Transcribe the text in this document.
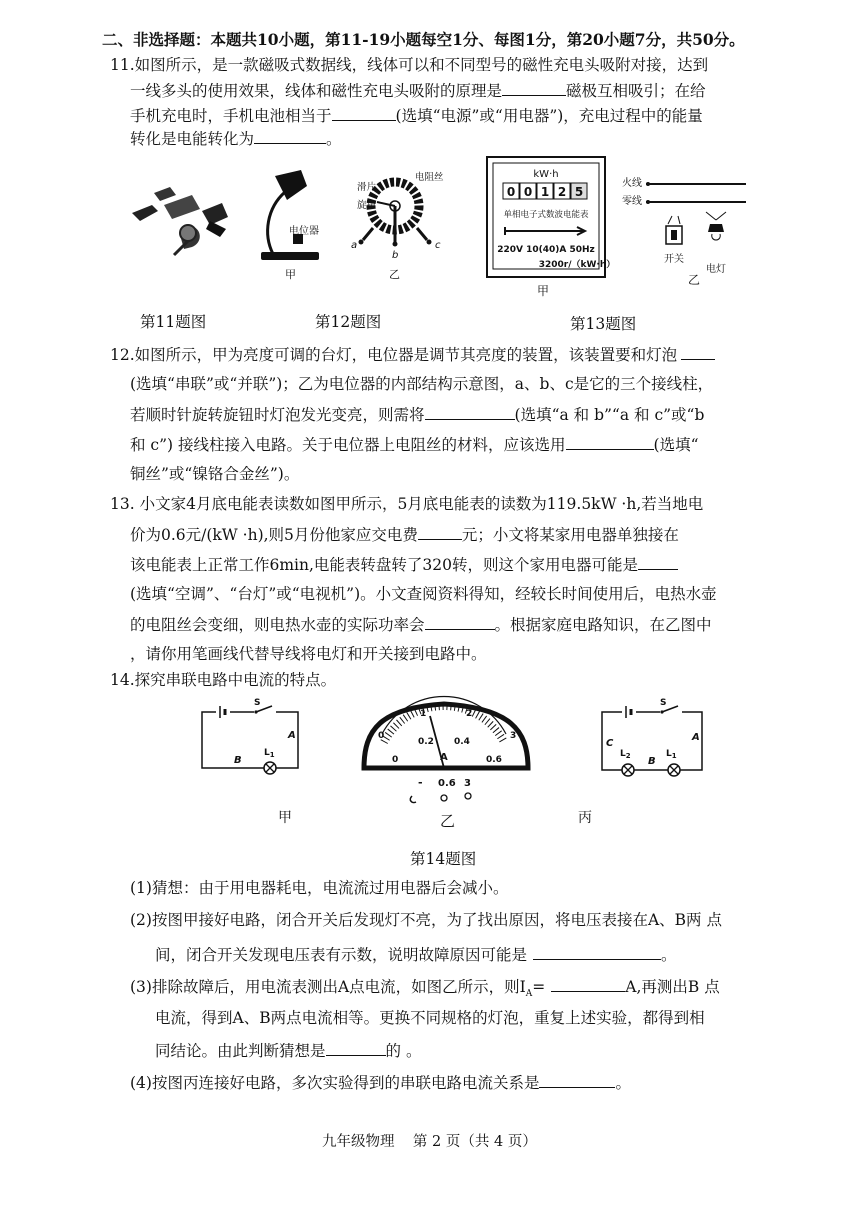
二、非选择题：本题共10小题，第11-19小题每空1分、每图1分，第20小题7分，共50分。
11.如图所示，是一款磁吸式数据线，线体可以和不同型号的磁性充电头吸附对接，达到
一线多头的使用效果，线体和磁性充电头吸附的原理是	磁极互相吸引；在给
手机充电时，手机电池相当于	(选填“电源”或“用电器”)，充电过程中的能量
转化是电能转化为	。
电位器
甲
滑片
旋钮
电阻丝
a
b
c
乙
kW·h
0 0 1 2 5
单相电子式数波电能表
220V 10(40)A 50Hz
3200r/（kW·h）
甲
火线
零线
开关
电灯
乙
第11题图	第12题图	第13题图
12.如图所示，甲为亮度可调的台灯，电位器是调节其亮度的装置，该装置要和灯泡
(选填“串联”或“并联”)；乙为电位器的内部结构示意图，a、b、c是它的三个接线柱，
若顺时针旋转旋钮时灯泡发光变亮，则需将	(选填“a 和 b”“a 和 c”或“b
和 c”) 接线柱接入电路。关于电位器上电阻丝的材料，应该选用	(选填“
铜丝”或“镍铬合金丝”)。
13. 小文家4月底电能表读数如图甲所示，5月底电能表的读数为119.5kW ·h,若当地电
价为0.6元/(kW ·h),则5月份他家应交电费	元；小文将某家用电器单独接在
该电能表上正常工作6min,电能表转盘转了320转，则这个家用电器可能是
(选填“空调”、“台灯”或“电视机”)。小文查阅资料得知，经较长时间使用后，电热水壶
的电阻丝会变细，则电热水壶的实际功率会	。根据家庭电路知识，在乙图中
，请你用笔画线代替导线将电灯和开关接到电路中。
14.探究串联电路中电流的特点。
S
A
B
$L_1$
甲
0
1	2
3
0
0.2 0.4
0.6
A
- 0.6 3
乙
S
A
C
B
$L_2$	$L_1$
丙
第14题图
(1)猜想：由于用电器耗电，电流流过用电器后会减小。
(2)按图甲接好电路，闭合开关后发现灯不亮，为了找出原因，将电压表接在A、B两 点
间，闭合开关发现电压表有示数，说明故障原因可能是	。
(3)排除故障后，用电流表测出A点电流，如图乙所示，则$I_A=$	A,再测出B 点
电流，得到A、B两点电流相等。更换不同规格的灯泡，重复上述实验，都得到相
同结论。由此判断猜想是	的 。
(4)按图丙连接好电路，多次实验得到的串联电路电流关系是	。
九年级物理    第 2 页（共 4 页）
